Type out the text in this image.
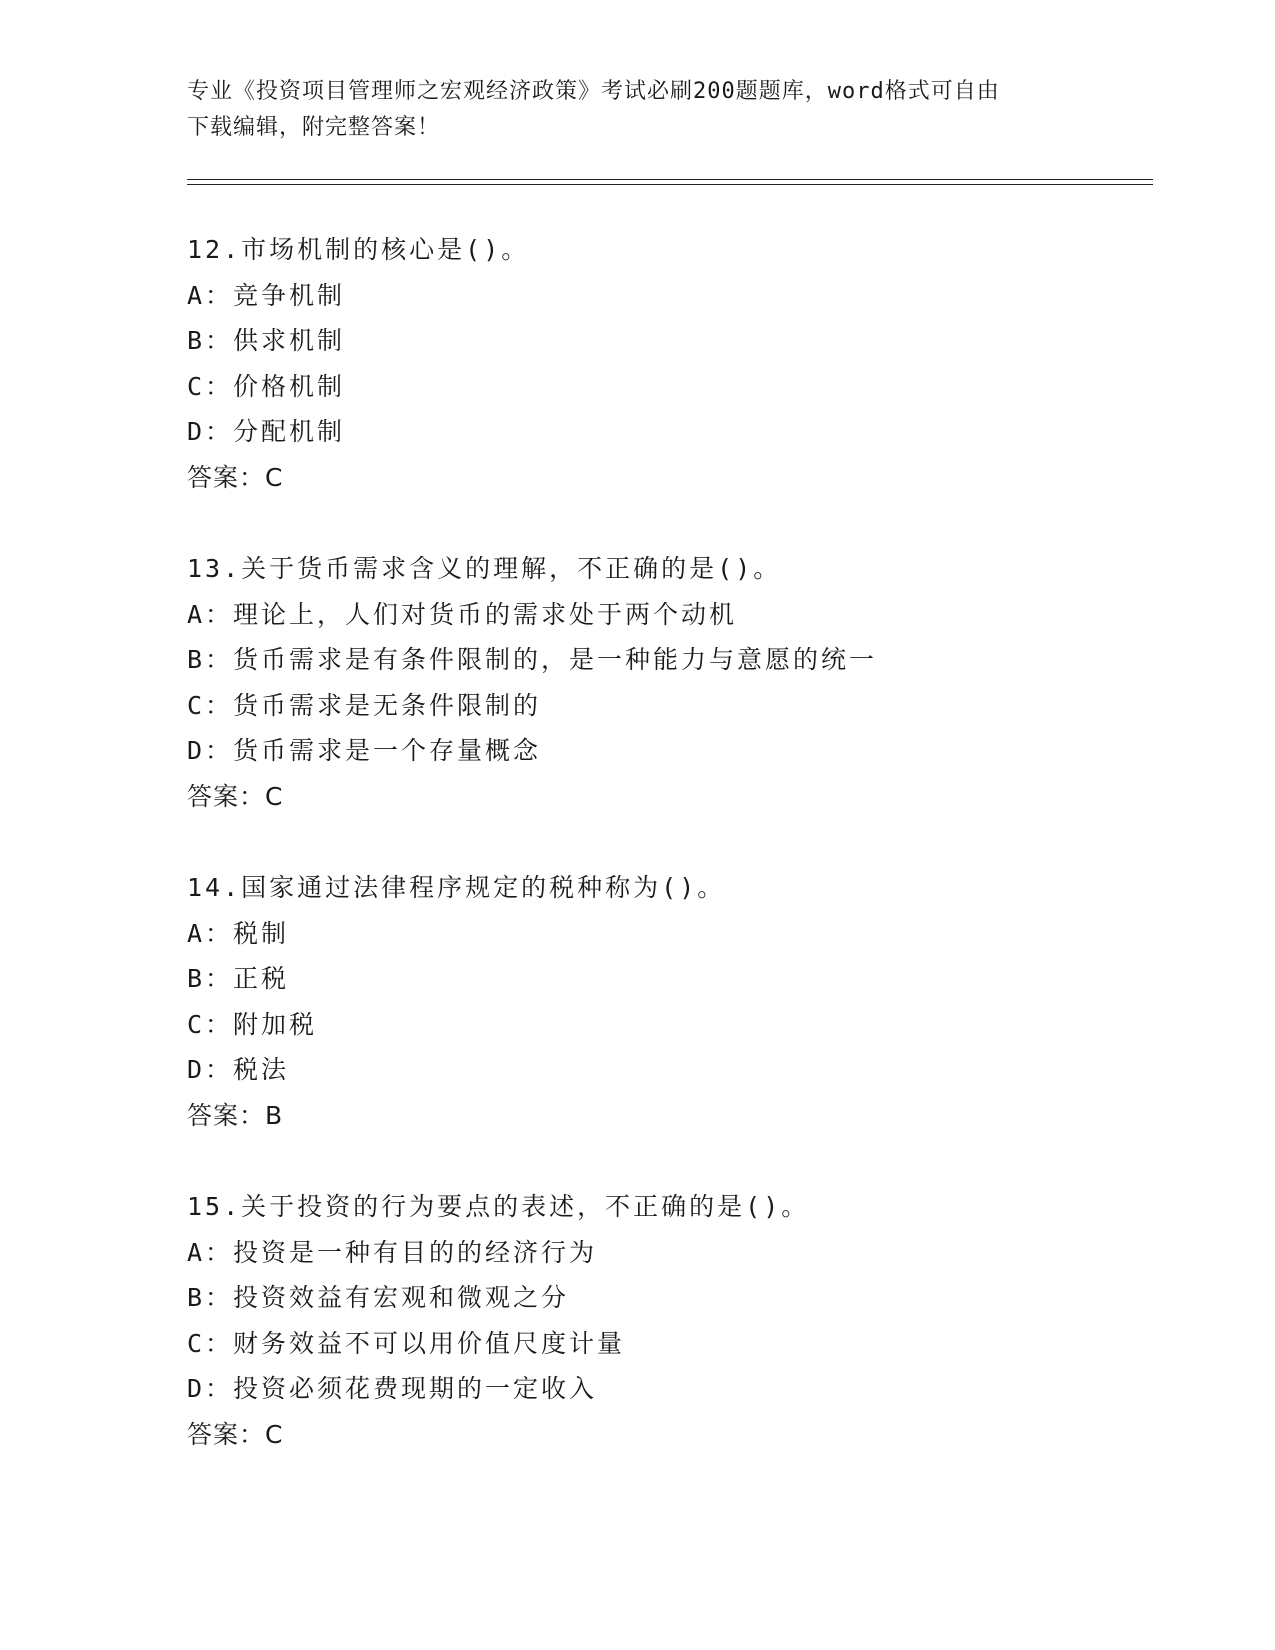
专业《投资项目管理师之宏观经济政策》考试必刷200题题库，word格式可自由
下载编辑，附完整答案！
12.市场机制的核心是()。
A：竞争机制
B：供求机制
C：价格机制
D：分配机制
答案：C
13.关于货币需求含义的理解，不正确的是()。
A：理论上，人们对货币的需求处于两个动机
B：货币需求是有条件限制的，是一种能力与意愿的统一
C：货币需求是无条件限制的
D：货币需求是一个存量概念
答案：C
14.国家通过法律程序规定的税种称为()。
A：税制
B：正税
C：附加税
D：税法
答案：B
15.关于投资的行为要点的表述，不正确的是()。
A：投资是一种有目的的经济行为
B：投资效益有宏观和微观之分
C：财务效益不可以用价值尺度计量
D：投资必须花费现期的一定收入
答案：C
